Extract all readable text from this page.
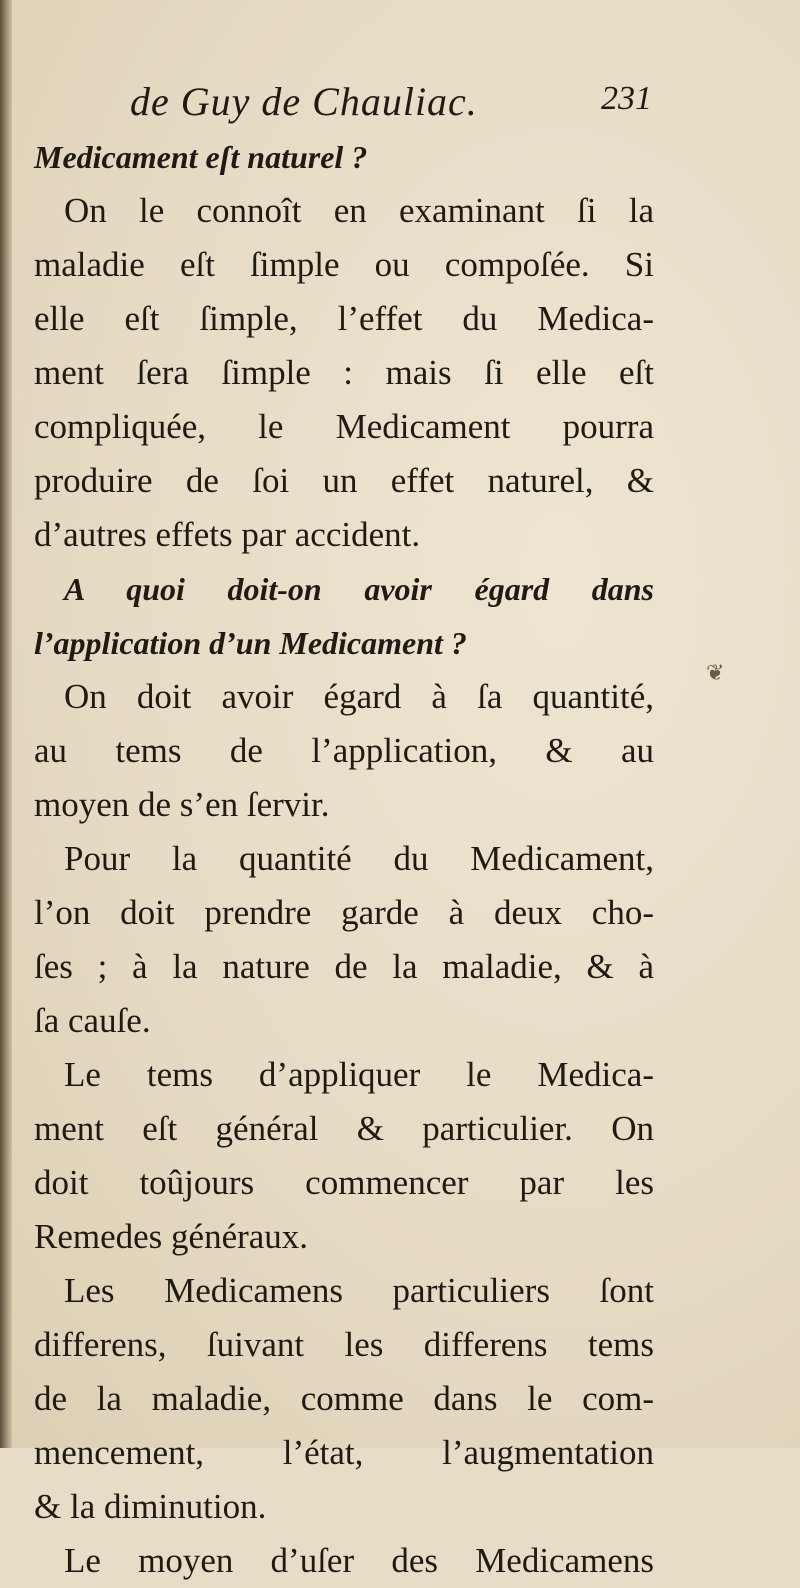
de Guy de Chauliac.	231
Medicament eſt naturel ?
On le connoît en examinant ſi la
maladie eſt ſimple ou compoſée. Si
elle eſt ſimple, l’effet du Medica-
ment ſera ſimple : mais ſi elle eſt
compliquée, le Medicament pourra
produire de ſoi un effet naturel, &
d’autres effets par accident.
A quoi doit-on avoir égard dans
l’application d’un Medicament ?
On doit avoir égard à ſa quantité,
au tems de l’application, & au
moyen de s’en ſervir.
Pour la quantité du Medicament,
l’on doit prendre garde à deux cho-
ſes ; à la nature de la maladie, & à
ſa cauſe.
Le tems d’appliquer le Medica-
ment eſt général & particulier. On
doit toûjours commencer par les
Remedes généraux.
Les Medicamens particuliers ſont
differens, ſuivant les differens tems
de la maladie, comme dans le com-
mencement, l’état, l’augmentation
& la diminution.
Le moyen d’uſer des Medicamens
❦
